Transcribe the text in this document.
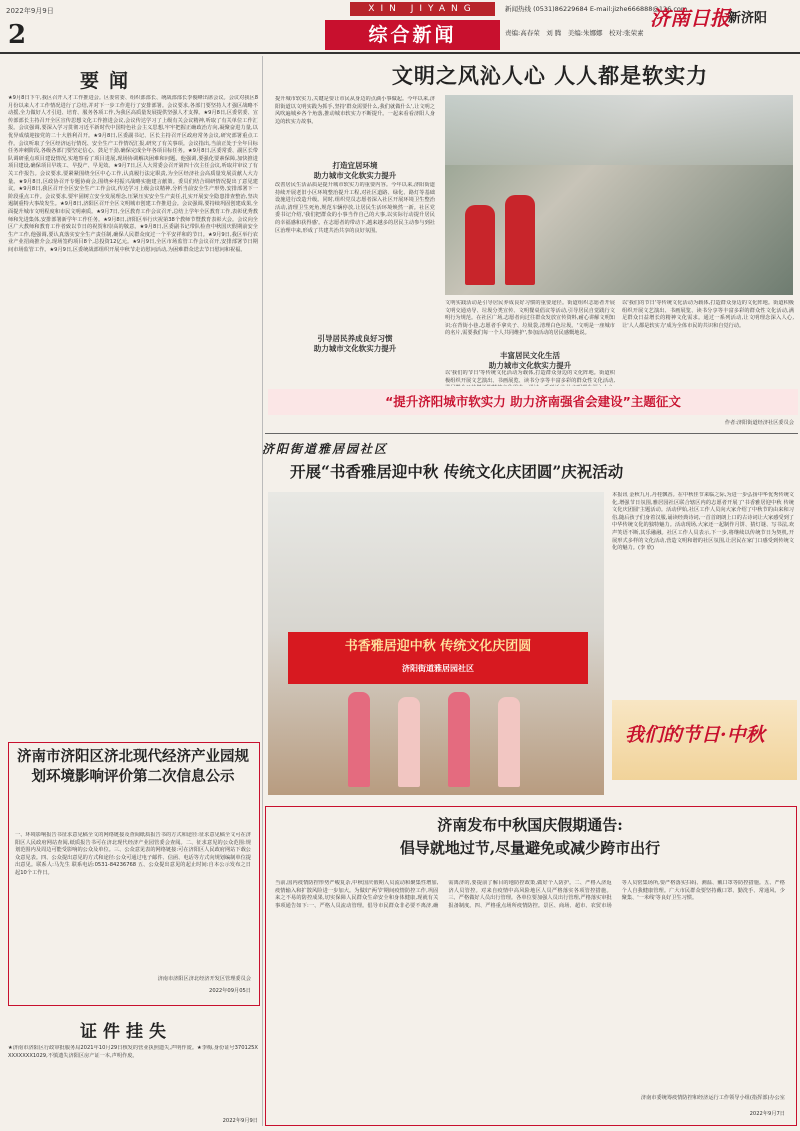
2022年9月9日
2
XIN JIYANG
综合新闻
新闻热线 (0531)86229684 E-mail:jizhe666888@126.com
责编:高春荣　刘 腾　美编:朱娜娜　校对:张荣素
济南日报
新济阳
要闻
★9月8日下午,我区召开人才工作推进会。区委常委、组织部部长、统战部部长李俊峰出席会议。会议对我区8月份以来人才工作情况进行了总结,并对下一步工作进行了安排部署。会议要求,各部门要坚持人才强区战略不动摇,全力做好人才引进、培育、服务各项工作,为我区高质量发展提供坚强人才支撑。★9月8日,区委常委、宣传部部长主持召开全区宣传思想文化工作推进会议,会议传达学习了上级有关会议精神,听取了有关单位工作汇报。会议强调,要深入学习贯彻习近平新时代中国特色社会主义思想,牢牢把握正确政治方向,凝聚奋进力量,以优异成绩迎接党的二十大胜利召开。★9月8日,区委副书记、区长主持召开区政府常务会议,研究部署重点工作。会议听取了全区经济运行情况、安全生产工作情况汇报,研究了有关事项。会议指出,当前正处于全年目标任务冲刺阶段,各级各部门要坚定信心、鼓足干劲,确保完成全年各项目标任务。★9月8日,区委常委、副区长带队调研重点项目建设情况,实地察看了项目进展,现场协调解决困难和问题。他强调,要强化要素保障,加快推进项目建设,确保项目早竣工、早投产、早见效。★9月7日,区人大常委会召开第四十次主任会议,听取并审议了有关工作报告。会议要求,要紧紧围绕全区中心工作,认真履行法定职责,为全区经济社会高质量发展贡献人大力量。★9月8日,区政协召开专题协商会,围绕乡村振兴战略实施建言献策。委员们结合调研情况提出了意见建议。★9月8日,我区召开全区安全生产工作会议,传达学习上级会议精神,分析当前安全生产形势,安排部署下一阶段重点工作。会议要求,要牢固树立安全发展理念,压紧压实安全生产责任,扎实开展安全隐患排查整治,坚决遏制重特大事故发生。★9月8日,济阳区召开全区文明城市创建工作推进会。会议强调,要持续巩固创建成果,全面提升城市文明程度和市民文明素质。★9月7日,全区教育工作会议召开,总结上学年全区教育工作,表彰优秀教师和先进集体,安排部署新学年工作任务。★9月8日,济阳区举行庆祝第38个教师节暨教育表彰大会。会议向全区广大教师和教育工作者致以节日的祝贺和崇高的敬意。★9月8日,区委副书记带队检查中秋国庆假期前安全生产工作,他强调,要认真落实安全生产责任制,确保人民群众度过一个平安祥和的节日。★9月9日,我区举行农业产业招商推介会,现场签约项目8个,总投资12亿元。★9月9日,全区市场监管工作会议召开,安排部署节日期间市场监管工作。★9月9日,区委统战部组织开展中秋节走访慰问活动,为困难群众送去节日慰问和祝福。
济南市济阳区济北现代经济产业园规划环境影响评价第二次信息公示
一、环境影响报告书征求意见稿全文的网络链接及查阅纸质报告书的方式和途径:征求意见稿全文可在济阳区人民政府网站查阅,纸质报告书可在济北现代经济产业园管委会查阅。二、征求意见的公众范围:规划范围内及周边可能受影响的公众及单位。三、公众意见表的网络链接:可在济阳区人民政府网站下载公众意见表。四、公众提出意见的方式和途径:公众可通过电子邮件、信函、电话等方式向规划编制单位提出意见。联系人:马先生 联系电话:0531-84236768 五、公众提出意见的起止时间:自本公示发布之日起10个工作日。
济南市济阳区济北经济开发区管理委员会
2022年09月05日
证件挂失
★济南市济阳区行政审批服务局2021年10月29日核发的营业执照遗失,声明作废。★李梅,身份证号370125XXXXXXXX1029,不慎遗失济阳区房产证一本,声明作废。
2022年9月9日
文明之风沁人心 人人都是软实力
提升城市软实力,关键是要让市民从身边的点滴小事做起。今年以来,济阳街道以文明实践为抓手,坚持'群众需要什么,我们就做什么',让文明之风吹遍城乡各个角落,推动城市软实力不断提升。一起来看看济阳人身边的软实力故事。
打造宜居环境
助力城市文化软实力提升
改善居民生活品质是提升城市软实力的重要内容。今年以来,济阳街道持续开展老旧小区环境整治提升工程,对社区道路、绿化、路灯等基础设施进行改造升级。同时,组织党员志愿者深入社区开展环境卫生整治活动,清理卫生死角,规范车辆停放,让居民生活环境焕然一新。社区党委书记介绍,'我们把群众的小事当作自己的大事,以实际行动提升居民的幸福感和获得感'。在志愿者的带动下,越来越多的居民主动参与到社区治理中来,形成了共建共治共享的良好氛围。
引导居民养成良好习惯
助力城市文化软实力提升
文明实践活动是引导居民养成良好习惯的重要途径。街道组织志愿者开展文明交通劝导、垃圾分类宣传、文明餐桌倡议等活动,引导居民自觉践行文明行为规范。在社区广场,志愿者向过往群众发放宣传资料,耐心讲解文明知识;在背街小巷,志愿者手拿夹子、垃圾袋,清理白色垃圾。'文明是一座城市的名片,需要我们每一个人共同维护',参加活动的居民感慨地说。
丰富居民文化生活
助力城市文化软实力提升
以'我们的节日'等传统文化活动为载体,打造群众身边的文化阵地。街道积极组织开展文艺演出、书画展览、读书分享等丰富多彩的群众性文化活动,
以'我们的节日'等传统文化活动为载体,打造群众身边的文化阵地。街道积极组织开展文艺演出、书画展览、读书分享等丰富多彩的群众性文化活动,满足群众日益增长的精神文化需求。通过一系列活动,让文明理念深入人心,让'人人都是软实力'成为全体市民的共识和自觉行动。
“提升济阳城市软实力 助力济南强省会建设”主题征文
作者:济阳街道经济社区委员会
济阳街道雅居园社区
开展“书香雅居迎中秋 传统文化庆团圆”庆祝活动
书香雅居迎中秋 传统文化庆团圆
济阳街道雅居园社区
本报讯 金秋九月,丹桂飘香。在中秋佳节来临之际,为进一步弘扬中华优秀传统文化,增强节日氛围,雅居园社区联合辖区内的志愿者开展了'书香雅居迎中秋 传统文化庆团圆'主题活动。活动伊始,社区工作人员向大家介绍了中秋节的由来和习俗,随后孩子们身着汉服,诵读经典诗词,一首首朗朗上口的古诗词让大家感受到了中华传统文化的独特魅力。活动现场,大家还一起制作月饼、猜灯谜、写书法,欢声笑语不断,其乐融融。社区工作人员表示,下一步,将继续以传统节日为契机,开展形式多样的文化活动,营造文明和谐的社区氛围,让居民在家门口感受到传统文化的魅力。(李 欣)
我们的节日·中秋
济南发布中秋国庆假期通告:
倡导就地过节,尽量避免或减少跨市出行
当前,国内疫情防控形势严峻复杂,中秋国庆假期人员流动和聚集性增加,疫情输入和扩散风险进一步加大。为做好'两节'期间疫情防控工作,巩固来之不易的防控成果,切实保障人民群众生命安全和身体健康,现就有关事项通告如下:一、严格人员流动管理。倡导市民群众非必要不离济,确需离济的,要提前了解目的地防控政策,做好个人防护。二、严格入济返济人员管控。对来自疫情中高风险地区人员严格落实各项管控措施。三、严格做好人员出行管理。各单位要加强人员出行管理,严格落实审批报备制度。四、严格重点场所疫情防控。景区、商场、超市、农贸市场等人员密集场所,要严格落实扫码、测温、戴口罩等防控措施。五、严格个人自我健康管理。广大市民群众要坚持戴口罩、勤洗手、常通风、少聚集、'一米线'等良好卫生习惯。
济南市委统筹疫情防控和经济运行工作领导小组(指挥部)办公室
2022年9月7日
